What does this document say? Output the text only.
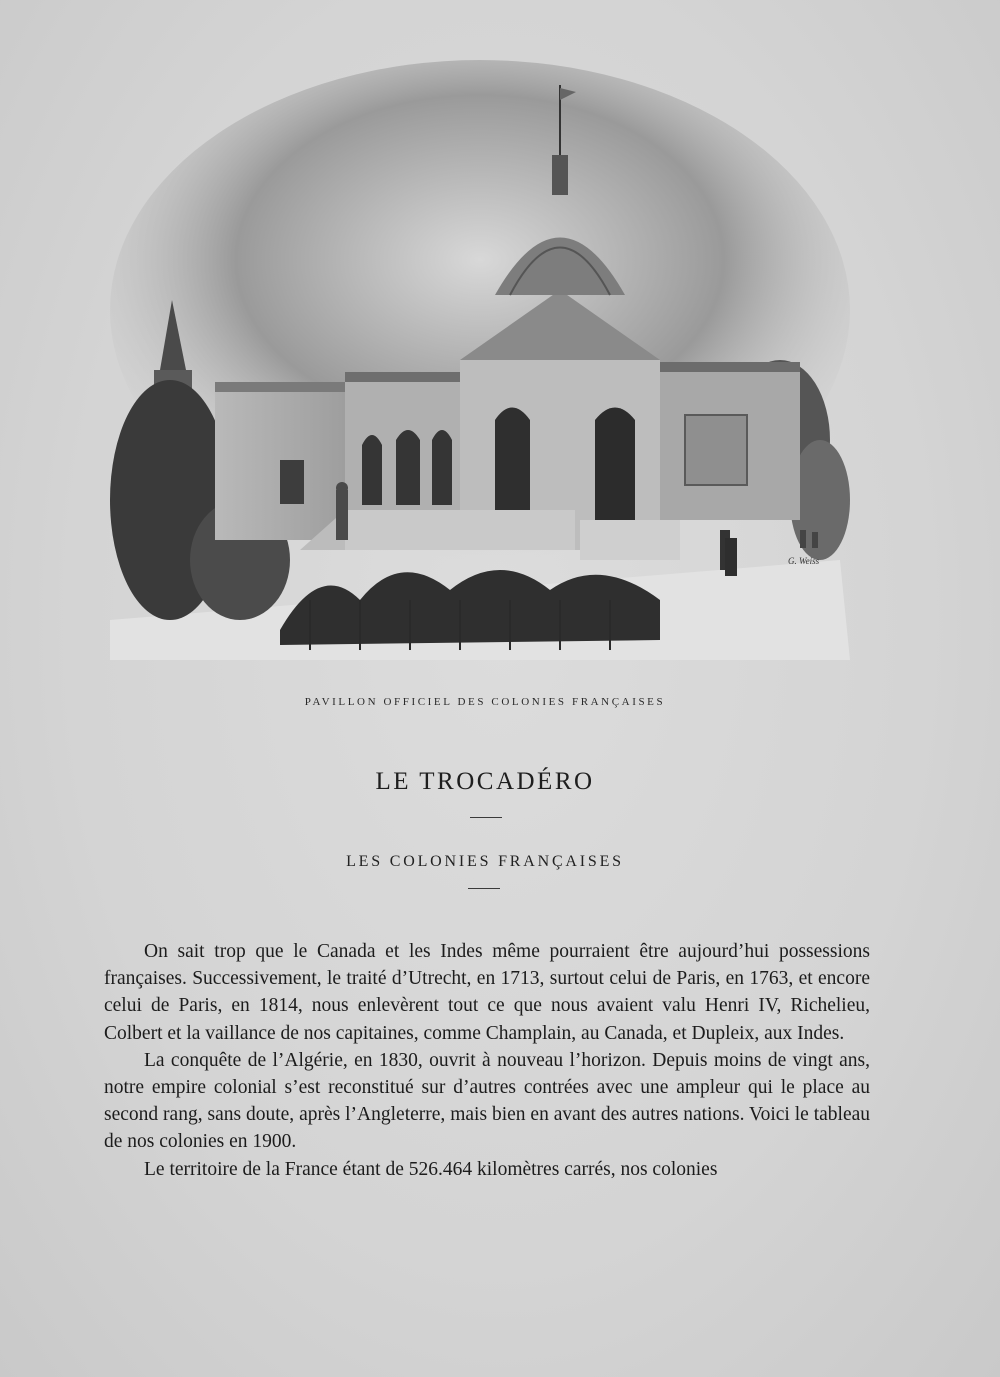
G. Weiss
PAVILLON OFFICIEL DES COLONIES FRANÇAISES
LE TROCADÉRO
LES COLONIES FRANÇAISES

On sait trop que le Canada et les Indes même pourraient être aujourd’hui possessions françaises. Successivement, le traité d’Utrecht, en 1713, surtout celui de Paris, en 1763, et encore celui de Paris, en 1814, nous enlevèrent tout ce que nous avaient valu Henri IV, Richelieu, Colbert et la vaillance de nos capitaines, comme Champlain, au Canada, et Dupleix, aux Indes.

La conquête de l’Algérie, en 1830, ouvrit à nouveau l’horizon. Depuis moins de vingt ans, notre empire colonial s’est reconstitué sur d’autres contrées avec une ampleur qui le place au second rang, sans doute, après l’Angleterre, mais bien en avant des autres nations. Voici le tableau de nos colonies en 1900.

Le territoire de la France étant de 526.464 kilomètres carrés, nos colonies
